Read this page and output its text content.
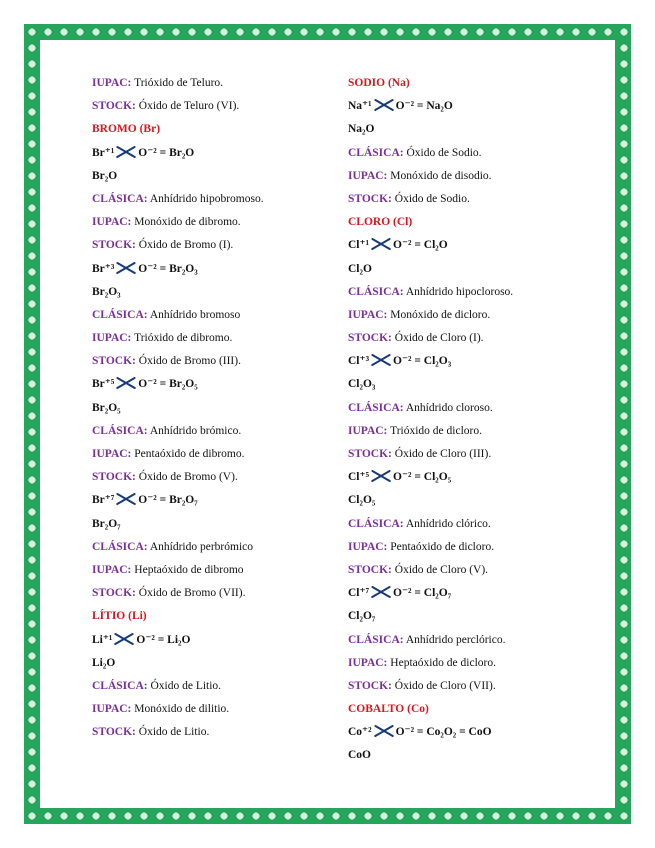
IUPAC: Trióxido de Teluro.
STOCK: Óxido de Teluro (VI).
BROMO (Br)
Br⁺¹ O⁻² = Br₂O
Br₂O
CLÁSICA: Anhídrido hipobromoso.
IUPAC: Monóxido de dibromo.
STOCK: Óxido de Bromo (I).
Br⁺³ O⁻² = Br₂O₃
Br₂O₃
CLÁSICA: Anhídrido bromoso
IUPAC: Trióxido de dibromo.
STOCK: Óxido de Bromo (III).
Br⁺⁵ O⁻² = Br₂O₅
Br₂O₅
CLÁSICA: Anhídrido brómico.
IUPAC: Pentaóxido de dibromo.
STOCK: Óxido de Bromo (V).
Br⁺⁷ O⁻² = Br₂O₇
Br₂O₇
CLÁSICA: Anhídrido perbrómico
IUPAC: Heptaóxido de dibromo
STOCK: Óxido de Bromo (VII).
LÍTIO (Li)
Li⁺¹ O⁻² = Li₂O
Li₂O
CLÁSICA: Óxido de Litio.
IUPAC: Monóxido de dilitio.
STOCK: Óxido de Litio.
SODIO (Na)
Na⁺¹ O⁻² = Na₂O
Na₂O
CLÁSICA: Óxido de Sodio.
IUPAC: Monóxido de disodio.
STOCK: Óxido de Sodio.
CLORO (Cl)
Cl⁺¹ O⁻² = Cl₂O
Cl₂O
CLÁSICA: Anhídrido hipocloroso.
IUPAC: Monóxido de dicloro.
STOCK: Óxido de Cloro (I).
Cl⁺³ O⁻² = Cl₂O₃
Cl₂O₃
CLÁSICA: Anhídrido cloroso.
IUPAC: Trióxido de dicloro.
STOCK: Óxido de Cloro (III).
Cl⁺⁵ O⁻² = Cl₂O₅
Cl₂O₅
CLÁSICA: Anhídrido clórico.
IUPAC: Pentaóxido de dicloro.
STOCK: Óxido de Cloro (V).
Cl⁺⁷ O⁻² = Cl₂O₇
Cl₂O₇
CLÁSICA: Anhídrido perclórico.
IUPAC: Heptaóxido de dicloro.
STOCK: Óxido de Cloro (VII).
COBALTO (Co)
Co⁺² O⁻² = Co₂O₂ = CoO
CoO
